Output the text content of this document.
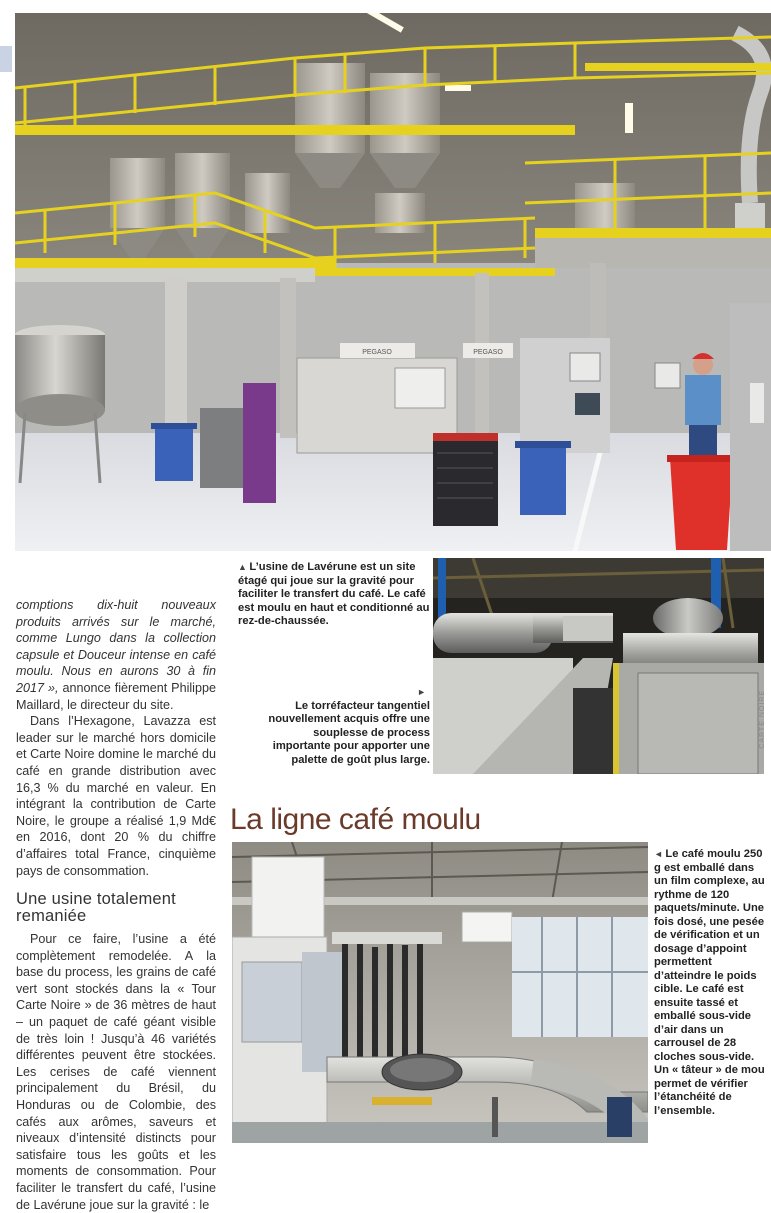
PEGASO	PEGASO

comptions dix-huit nouveaux produits arrivés sur le marché, comme Lungo dans la collection capsule et Douceur intense en café moulu. Nous en aurons 30 à fin 2017 », annonce fièrement Philippe Maillard, le directeur du site.

Dans l’Hexagone, Lavazza est leader sur le marché hors domicile et Carte Noire domine le marché du café en grande distribution avec 16,3 % du marché en valeur. En intégrant la contribution de Carte Noire, le groupe a réalisé 1,9 Md€ en 2016, dont 20 % du chiffre d’affaires total France, cinquième pays de consommation.

Une usine totalement remaniée

Pour ce faire, l’usine a été complètement remodelée. A la base du process, les grains de café vert sont stockés dans la « Tour Carte Noire » de 36 mètres de haut – un paquet de café géant visible de très loin ! Jusqu’à 46 variétés différentes peuvent être stockées. Les cerises de café viennent principalement du Brésil, du Honduras ou de Colombie, des cafés aux arômes, saveurs et niveaux d’intensité distincts pour satisfaire tous les goûts et les moments de consommation. Pour faciliter le transfert du café, l’usine de Lavérune joue sur la gravité : le

▲ L’usine de Lavérune est un site étagé qui joue sur la gravité pour faciliter le transfert du café. Le café est moulu en haut et conditionné au rez-de-chaussée.
►
Le torréfacteur tangentiel nouvellement acquis offre une souplesse de process importante pour apporter une palette de goût plus large.
CARTE NOIRE
La ligne café moulu
◄ Le café moulu 250 g est emballé dans un film complexe, au rythme de 120 paquets/minute. Une fois dosé, une pesée de vérification et un dosage d’appoint permettent d’atteindre le poids cible. Le café est ensuite tassé et emballé sous-vide d’air dans un carrousel de 28 cloches sous-vide. Un « tâteur » de mou permet de vérifier l’étanchéité de l’ensemble.
